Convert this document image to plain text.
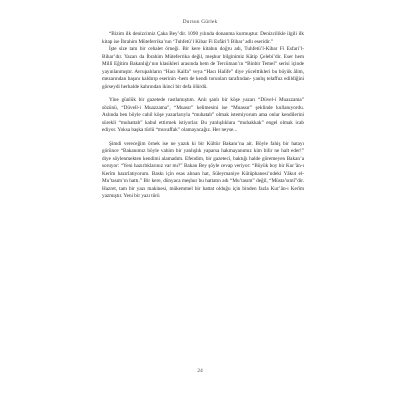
Dursun Gürlek

“Bizim ilk denizcimiz Çaka Bey’dir. 1090 yılında donanma kurmuştur. Denizcilikle ilgili ilk kitap ise İbrahim Müteferrika’nın ‘Tuhfetü’l Kibar Fi Esfâri’l Bihar’ adlı eseridir.”

İşte size tam bir cehalet örneği. Bir kere kitabın doğru adı, Tuhfetü’l-Kibar Fi Esfari’l-Bihar’dır. Yazarı da İbrahim Müteferrika değil, meşhur bilginimiz Kâtip Çelebi’dir. Eser hem Millî Eğitim Bakanlığı’nın klasikleri arasında hem de Tercüman’ın “Binbir Temel” serisi içinde yayınlanmıştır. Avrupalıların “Hacı Kalfa” veya “Hacı Halife” diye yücelttikleri bu büyük âlim, mezarından başını kaldırıp eserinin -hem de kendi torunları tarafından- yanlış telaffuz edildiğini görseydi herhalde kahrından ikinci bir defa ölürdü.

Yine günlük bir gazetede rastlamıştım. Anlı şanlı bir köşe yazarı “Düvel-i Muazzama” sözünü, “Düvell-i Muazzama”, “Muasır” kelimesini ise “Muassır” şeklinde kullanıyordu. Aslında ben böyle cahil köşe yazarlarıyla “muhatab” olmak istemiyorum ama onlar kendilerini sürekli “muhattab” kabul ettirmek istiyorlar. Bu yanlışlıklara “muhakkak” engel olmak icab ediyor. Yoksa başka türlü “muvaffak” olamayacağız. Her neyse...

Şimdi vereceğim örnek ise ne yazık ki bir Kültür Bakanı’na ait. Böyle fahiş bir hatayı görünce “Bakanımız böyle vahim bir yanlışlık yaparsa hakmayanımız kim bilir ne halt eder!” diye söylenmekten kendimi alamadım. Efendim, bir gazeteci, baktığı halde göremeyen Bakan’a soruyor: “Yeni hazırlıklarınız var mı?” Bakan Bey şöyle cevap veriyor: “Büyük boy bir Kur’ân-ı Kerîm hazırlatıyorum. Baskı için esas alınan hat, Süleymaniye Kütüphanesi’ndeki Yâkut el-Mu’tasım’ın hattı.” Bir kere, dünyaca meşhur bu hattatın adı “Mu’tasım” değil, “Müsta’sımî”dir. Hazret, tam bir yazı makinesi, mükemmel bir hattat olduğu için binden fazla Kur’ân-ı Kerîm yazmıştır. Yeni bir yazı türü

24
